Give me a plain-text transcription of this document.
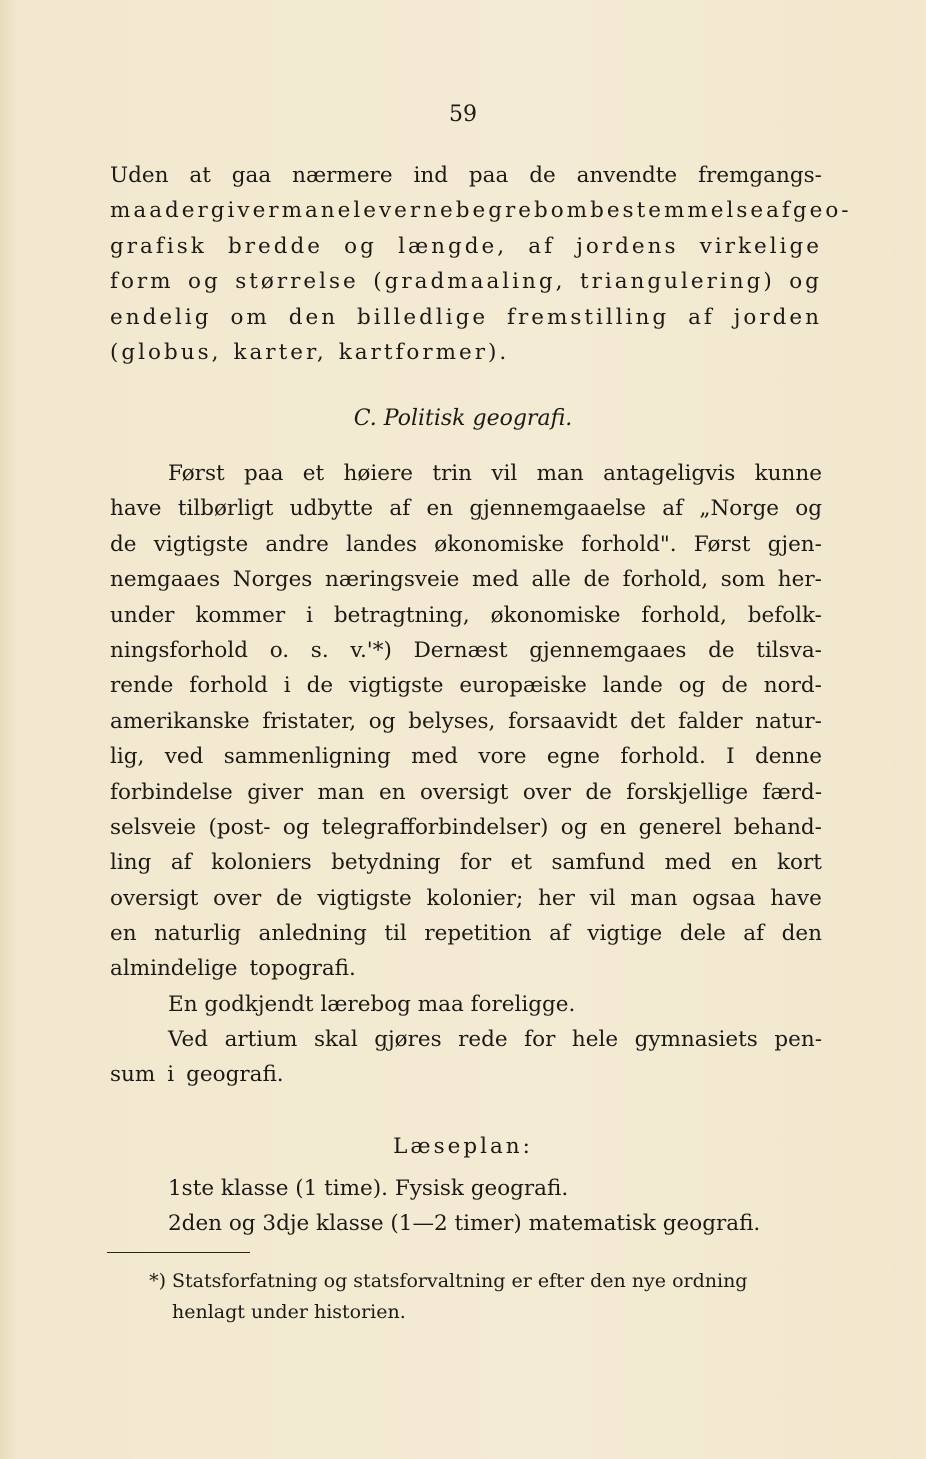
59
Uden at gaa nærmere ind paa de anvendte fremgangs-
maader giver man eleverne begreb om bestemmelse af geo-
grafisk bredde og længde, af jordens virkelige
form og størrelse (gradmaaling, triangulering) og
endelig om den billedlige fremstilling af jorden
(globus, karter, kartformer).
C. Politisk geografi.
Først paa et høiere trin vil man antageligvis kunne
have tilbørligt udbytte af en gjennemgaaelse af „Norge og
de vigtigste andre landes økonomiske forhold". Først gjen-
nemgaaes Norges næringsveie med alle de forhold, som her-
under kommer i betragtning, økonomiske forhold, befolk-
ningsforhold o. s. v.'*) Dernæst gjennemgaaes de tilsva-
rende forhold i de vigtigste europæiske lande og de nord-
amerikanske fristater, og belyses, forsaavidt det falder natur-
lig, ved sammenligning med vore egne forhold. I denne
forbindelse giver man en oversigt over de forskjellige færd-
selsveie (post- og telegrafforbindelser) og en generel behand-
ling af koloniers betydning for et samfund med en kort
oversigt over de vigtigste kolonier; her vil man ogsaa have
en naturlig anledning til repetition af vigtige dele af den
almindelige topografi.
En godkjendt lærebog maa foreligge.
Ved artium skal gjøres rede for hele gymnasiets pen-
sum i geografi.
Læseplan:
1ste klasse (1 time). Fysisk geografi.
2den og 3dje klasse (1—2 timer) matematisk geografi.
*) Statsforfatning og statsforvaltning er efter den nye ordning
henlagt under historien.
